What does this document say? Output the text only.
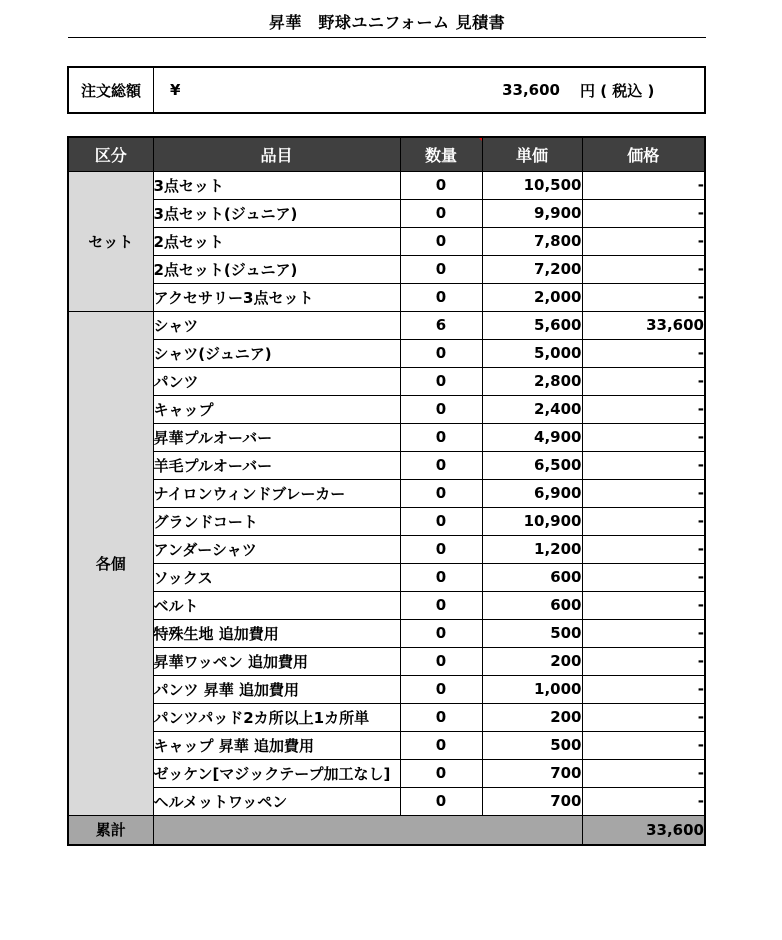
昇華　野球ユニフォーム 見積書
注文総額	¥	33,600	円 ( 税込 )
区分	品目	数量	単価	価格
セット	3点セット	0	10,500	-
	3点セット(ジュニア)	0	9,900	-
	2点セット	0	7,800	-
	2点セット(ジュニア)	0	7,200	-
	アクセサリー3点セット	0	2,000	-
各個	シャツ	6	5,600	33,600
	シャツ(ジュニア)	0	5,000	-
	パンツ	0	2,800	-
	キャップ	0	2,400	-
	昇華プルオーバー	0	4,900	-
	羊毛プルオーバー	0	6,500	-
	ナイロンウィンドブレーカー	0	6,900	-
	グランドコート	0	10,900	-
	アンダーシャツ	0	1,200	-
	ソックス	0	600	-
	ベルト	0	600	-
	特殊生地 追加費用	0	500	-
	昇華ワッペン 追加費用	0	200	-
	パンツ 昇華 追加費用	0	1,000	-
	パンツパッド2カ所以上1カ所単	0	200	-
	キャップ 昇華 追加費用	0	500	-
	ゼッケン[マジックテープ加工なし]	0	700	-
	ヘルメットワッペン	0	700	-
累計				33,600
